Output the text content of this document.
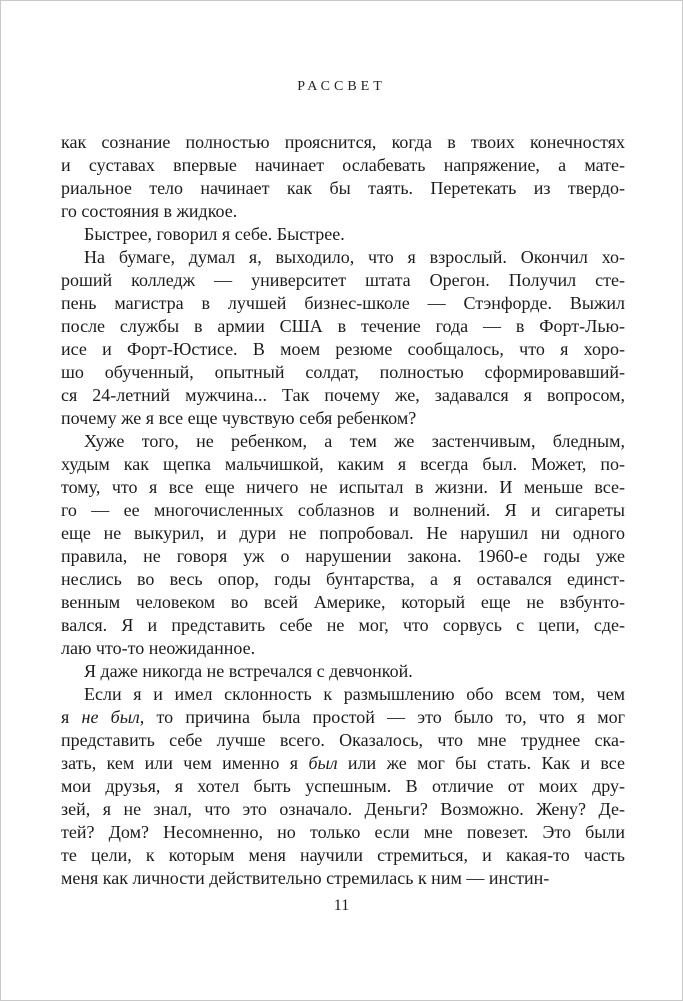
РАССВЕТ
как сознание полностью прояснится, когда в твоих конечностях
и суставах впервые начинает ослабевать напряжение, а мате-
риальное тело начинает как бы таять. Перетекать из твердо-
го состояния в жидкое.
Быстрее, говорил я себе. Быстрее.
На бумаге, думал я, выходило, что я взрослый. Окончил хо-
роший колледж — университет штата Орегон. Получил сте-
пень магистра в лучшей бизнес-школе — Стэнфорде. Выжил
после службы в армии США в течение года — в Форт-Лью-
исе и Форт-Юстисе. В моем резюме сообщалось, что я хоро-
шо обученный, опытный солдат, полностью сформировавший-
ся 24-летний мужчина... Так почему же, задавался я вопросом,
почему же я все еще чувствую себя ребенком?
Хуже того, не ребенком, а тем же застенчивым, бледным,
худым как щепка мальчишкой, каким я всегда был. Может, по-
тому, что я все еще ничего не испытал в жизни. И меньше все-
го — ее многочисленных соблазнов и волнений. Я и сигареты
еще не выкурил, и дури не попробовал. Не нарушил ни одного
правила, не говоря уж о нарушении закона. 1960-е годы уже
неслись во весь опор, годы бунтарства, а я оставался единст-
венным человеком во всей Америке, который еще не взбунто-
вался. Я и представить себе не мог, что сорвусь с цепи, сде-
лаю что-то неожиданное.
Я даже никогда не встречался с девчонкой.
Если я и имел склонность к размышлению обо всем том, чем
я не был, то причина была простой — это было то, что я мог
представить себе лучше всего. Оказалось, что мне труднее ска-
зать, кем или чем именно я был или же мог бы стать. Как и все
мои друзья, я хотел быть успешным. В отличие от моих дру-
зей, я не знал, что это означало. Деньги? Возможно. Жену? Де-
тей? Дом? Несомненно, но только если мне повезет. Это были
те цели, к которым меня научили стремиться, и какая-то часть
меня как личности действительно стремилась к ним — инстин-
11
